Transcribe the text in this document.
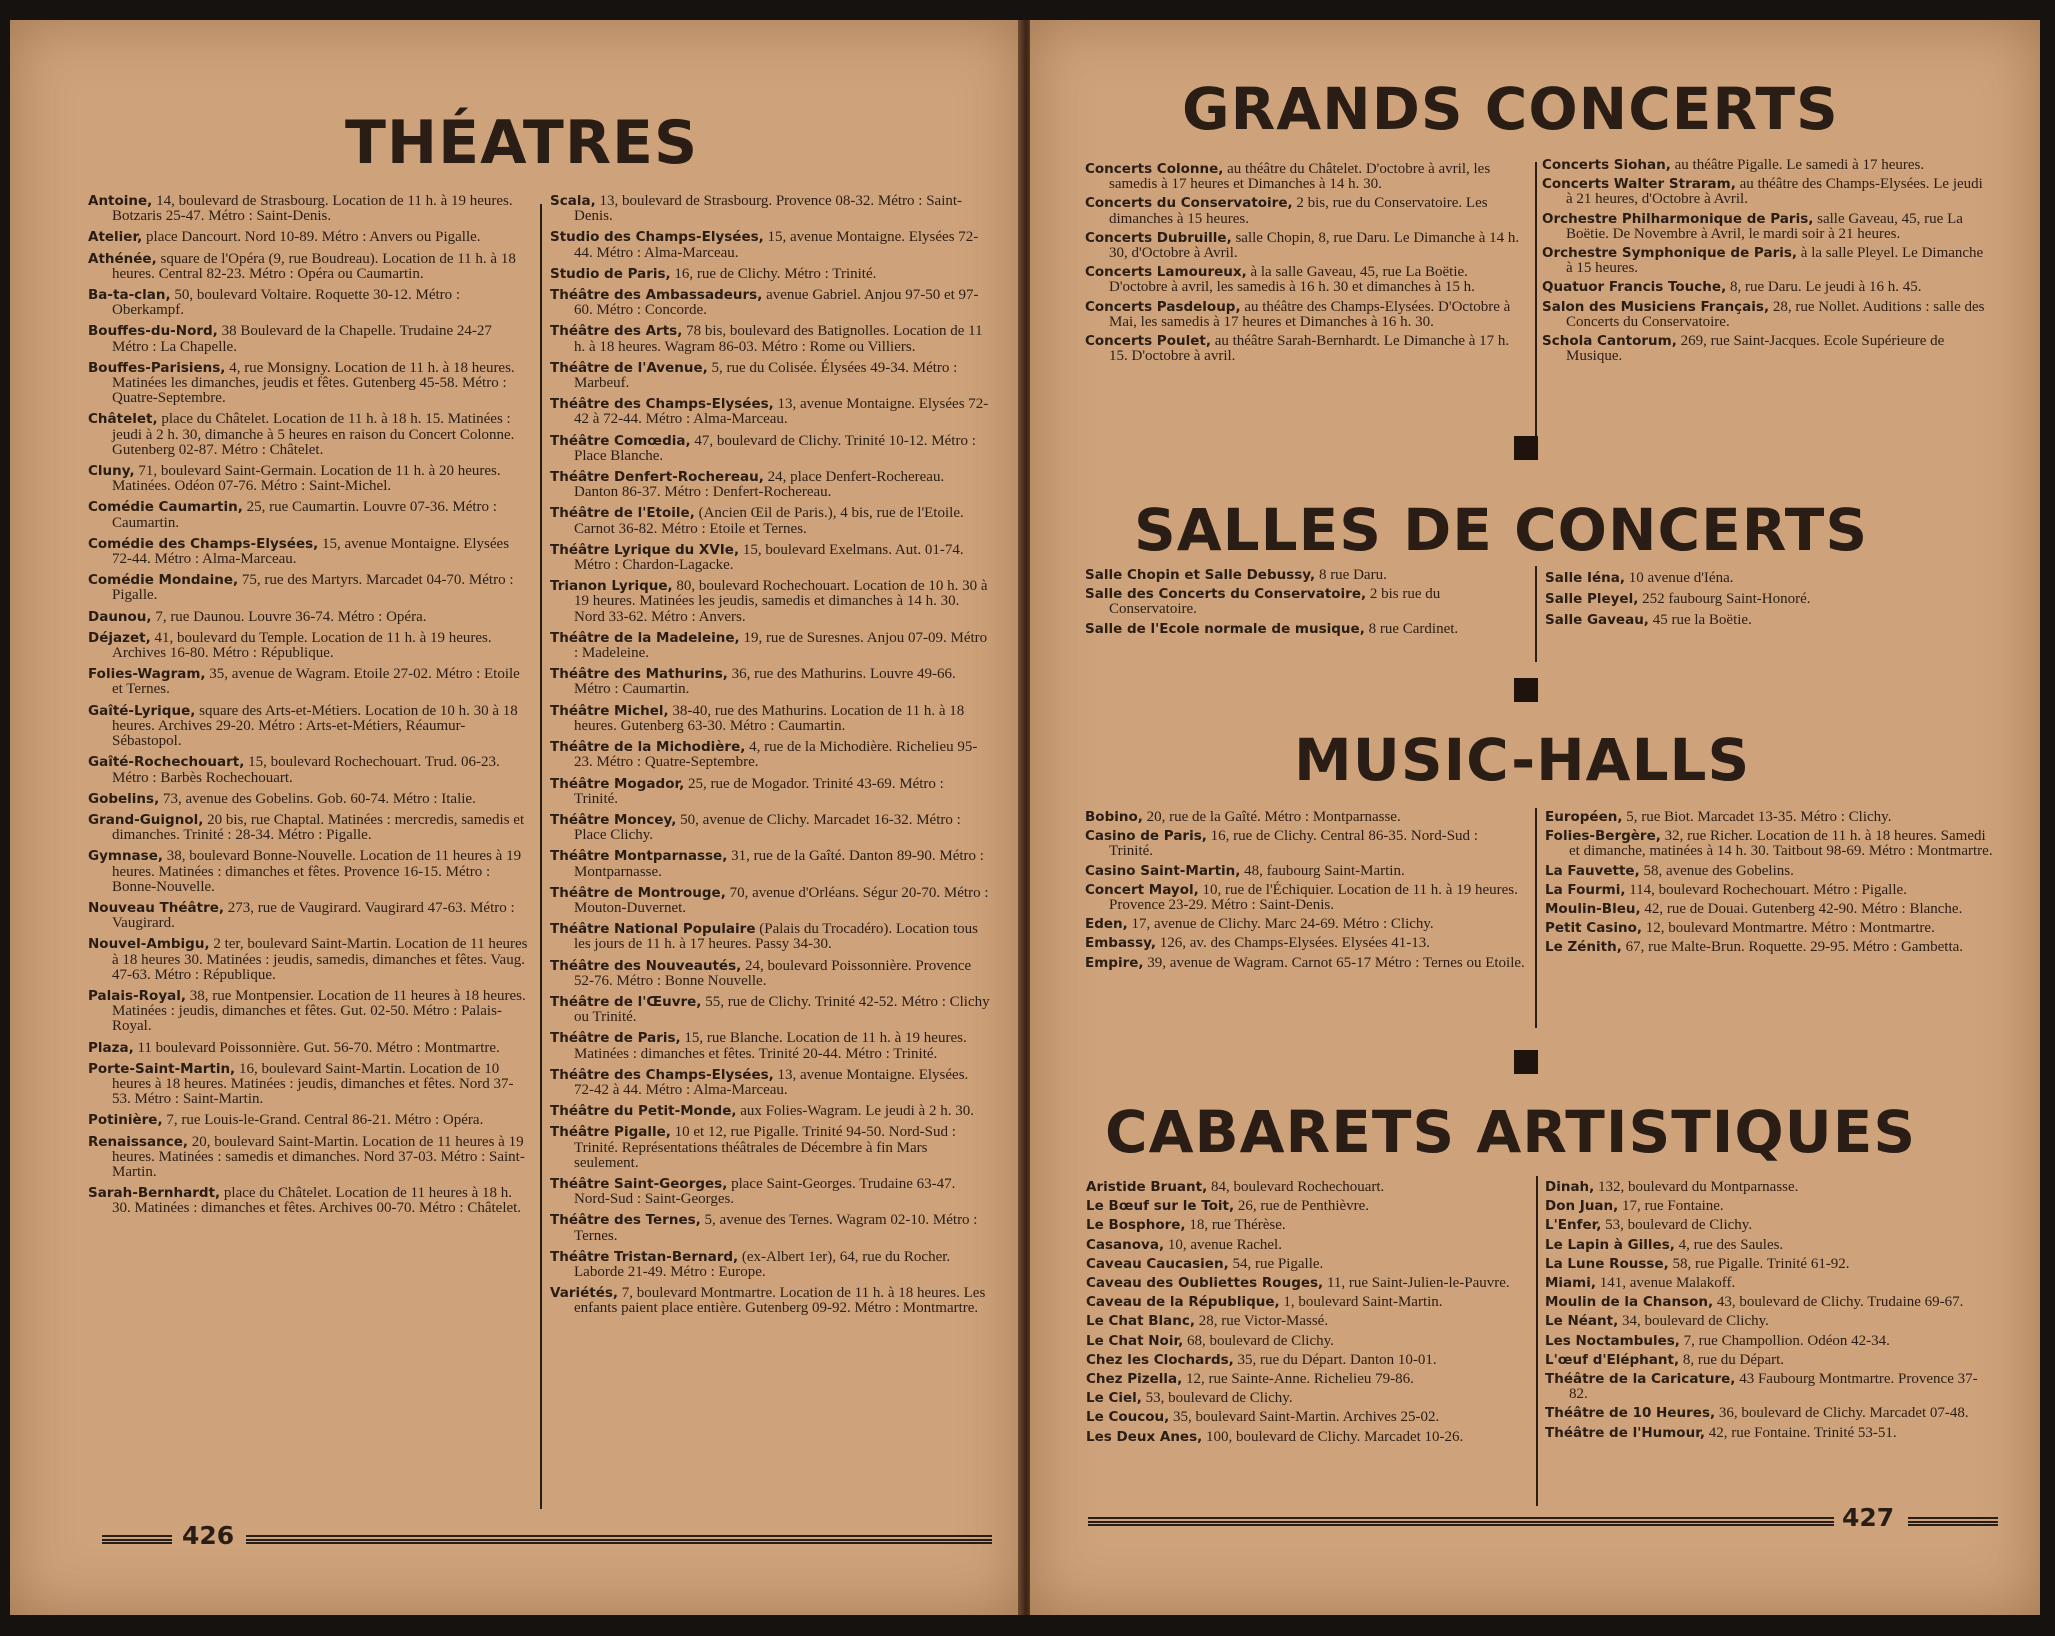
THÉATRES

Antoine, 14, boulevard de Strasbourg. Location de 11 h. à 19 heures. Botzaris 25-47. Métro : Saint-Denis.

Atelier, place Dancourt. Nord 10-89. Métro : Anvers ou Pigalle.

Athénée, square de l'Opéra (9, rue Boudreau). Location de 11 h. à 18 heures. Central 82-23. Métro : Opéra ou Caumartin.

Ba-ta-clan, 50, boulevard Voltaire. Roquette 30-12. Métro : Oberkampf.

Bouffes-du-Nord, 38 Boulevard de la Chapelle. Trudaine 24-27 Métro : La Chapelle.

Bouffes-Parisiens, 4, rue Monsigny. Location de 11 h. à 18 heures. Matinées les dimanches, jeudis et fêtes. Gutenberg 45-58. Métro : Quatre-Septembre.

Châtelet, place du Châtelet. Location de 11 h. à 18 h. 15. Matinées : jeudi à 2 h. 30, dimanche à 5 heures en raison du Concert Colonne. Gutenberg 02-87. Métro : Châtelet.

Cluny, 71, boulevard Saint-Germain. Location de 11 h. à 20 heures. Matinées. Odéon 07-76. Métro : Saint-Michel.

Comédie Caumartin, 25, rue Caumartin. Louvre 07-36. Métro : Caumartin.

Comédie des Champs-Elysées, 15, avenue Montaigne. Elysées 72-44. Métro : Alma-Marceau.

Comédie Mondaine, 75, rue des Martyrs. Marcadet 04-70. Métro : Pigalle.

Daunou, 7, rue Daunou. Louvre 36-74. Métro : Opéra.

Déjazet, 41, boulevard du Temple. Location de 11 h. à 19 heures. Archives 16-80. Métro : République.

Folies-Wagram, 35, avenue de Wagram. Etoile 27-02. Métro : Etoile et Ternes.

Gaîté-Lyrique, square des Arts-et-Métiers. Location de 10 h. 30 à 18 heures. Archives 29-20. Métro : Arts-et-Métiers, Réaumur-Sébastopol.

Gaîté-Rochechouart, 15, boulevard Rochechouart. Trud. 06-23. Métro : Barbès Rochechouart.

Gobelins, 73, avenue des Gobelins. Gob. 60-74. Métro : Italie.

Grand-Guignol, 20 bis, rue Chaptal. Matinées : mercredis, samedis et dimanches. Trinité : 28-34. Métro : Pigalle.

Gymnase, 38, boulevard Bonne-Nouvelle. Location de 11 heures à 19 heures. Matinées : dimanches et fêtes. Provence 16-15. Métro : Bonne-Nouvelle.

Nouveau Théâtre, 273, rue de Vaugirard. Vaugirard 47-63. Métro : Vaugirard.

Nouvel-Ambigu, 2 ter, boulevard Saint-Martin. Location de 11 heures à 18 heures 30. Matinées : jeudis, samedis, dimanches et fêtes. Vaug. 47-63. Métro : République.

Palais-Royal, 38, rue Montpensier. Location de 11 heures à 18 heures. Matinées : jeudis, dimanches et fêtes. Gut. 02-50. Métro : Palais-Royal.

Plaza, 11 boulevard Poissonnière. Gut. 56-70. Métro : Montmartre.

Porte-Saint-Martin, 16, boulevard Saint-Martin. Location de 10 heures à 18 heures. Matinées : jeudis, dimanches et fêtes. Nord 37-53. Métro : Saint-Martin.

Potinière, 7, rue Louis-le-Grand. Central 86-21. Métro : Opéra.

Renaissance, 20, boulevard Saint-Martin. Location de 11 heures à 19 heures. Matinées : samedis et dimanches. Nord 37-03. Métro : Saint-Martin.

Sarah-Bernhardt, place du Châtelet. Location de 11 heures à 18 h. 30. Matinées : dimanches et fêtes. Archives 00-70. Métro : Châtelet.

Scala, 13, boulevard de Strasbourg. Provence 08-32. Métro : Saint-Denis.

Studio des Champs-Elysées, 15, avenue Montaigne. Elysées 72-44. Métro : Alma-Marceau.

Studio de Paris, 16, rue de Clichy. Métro : Trinité.

Théâtre des Ambassadeurs, avenue Gabriel. Anjou 97-50 et 97-60. Métro : Concorde.

Théâtre des Arts, 78 bis, boulevard des Batignolles. Location de 11 h. à 18 heures. Wagram 86-03. Métro : Rome ou Villiers.

Théâtre de l'Avenue, 5, rue du Colisée. Élysées 49-34. Métro : Marbeuf.

Théâtre des Champs-Elysées, 13, avenue Montaigne. Elysées 72-42 à 72-44. Métro : Alma-Marceau.

Théâtre Comœdia, 47, boulevard de Clichy. Trinité 10-12. Métro : Place Blanche.

Théâtre Denfert-Rochereau, 24, place Denfert-Rochereau. Danton 86-37. Métro : Denfert-Rochereau.

Théâtre de l'Etoile, (Ancien Œil de Paris.), 4 bis, rue de l'Etoile. Carnot 36-82. Métro : Etoile et Ternes.

Théâtre Lyrique du XVIe, 15, boulevard Exelmans. Aut. 01-74. Métro : Chardon-Lagacke.

Trianon Lyrique, 80, boulevard Rochechouart. Location de 10 h. 30 à 19 heures. Matinées les jeudis, samedis et dimanches à 14 h. 30. Nord 33-62. Métro : Anvers.

Théâtre de la Madeleine, 19, rue de Suresnes. Anjou 07-09. Métro : Madeleine.

Théâtre des Mathurins, 36, rue des Mathurins. Louvre 49-66. Métro : Caumartin.

Théâtre Michel, 38-40, rue des Mathurins. Location de 11 h. à 18 heures. Gutenberg 63-30. Métro : Caumartin.

Théâtre de la Michodière, 4, rue de la Michodière. Richelieu 95-23. Métro : Quatre-Septembre.

Théâtre Mogador, 25, rue de Mogador. Trinité 43-69. Métro : Trinité.

Théâtre Moncey, 50, avenue de Clichy. Marcadet 16-32. Métro : Place Clichy.

Théâtre Montparnasse, 31, rue de la Gaîté. Danton 89-90. Métro : Montparnasse.

Théâtre de Montrouge, 70, avenue d'Orléans. Ségur 20-70. Métro : Mouton-Duvernet.

Théâtre National Populaire (Palais du Trocadéro). Location tous les jours de 11 h. à 17 heures. Passy 34-30.

Théâtre des Nouveautés, 24, boulevard Poissonnière. Provence 52-76. Métro : Bonne Nouvelle.

Théâtre de l'Œuvre, 55, rue de Clichy. Trinité 42-52. Métro : Clichy ou Trinité.

Théâtre de Paris, 15, rue Blanche. Location de 11 h. à 19 heures. Matinées : dimanches et fêtes. Trinité 20-44. Métro : Trinité.

Théâtre des Champs-Elysées, 13, avenue Montaigne. Elysées. 72-42 à 44. Métro : Alma-Marceau.

Théâtre du Petit-Monde, aux Folies-Wagram. Le jeudi à 2 h. 30.

Théâtre Pigalle, 10 et 12, rue Pigalle. Trinité 94-50. Nord-Sud : Trinité. Représentations théâtrales de Décembre à fin Mars seulement.

Théâtre Saint-Georges, place Saint-Georges. Trudaine 63-47. Nord-Sud : Saint-Georges.

Théâtre des Ternes, 5, avenue des Ternes. Wagram 02-10. Métro : Ternes.

Théâtre Tristan-Bernard, (ex-Albert 1er), 64, rue du Rocher. Laborde 21-49. Métro : Europe.

Variétés, 7, boulevard Montmartre. Location de 11 h. à 18 heures. Les enfants paient place entière. Gutenberg 09-92. Métro : Montmartre.

426
GRANDS CONCERTS

Concerts Colonne, au théâtre du Châtelet. D'octobre à avril, les samedis à 17 heures et Dimanches à 14 h. 30.

Concerts du Conservatoire, 2 bis, rue du Conservatoire. Les dimanches à 15 heures.

Concerts Dubruille, salle Chopin, 8, rue Daru. Le Dimanche à 14 h. 30, d'Octobre à Avril.

Concerts Lamoureux, à la salle Gaveau, 45, rue La Boëtie. D'octobre à avril, les samedis à 16 h. 30 et dimanches à 15 h.

Concerts Pasdeloup, au théâtre des Champs-Elysées. D'Octobre à Mai, les samedis à 17 heures et Dimanches à 16 h. 30.

Concerts Poulet, au théâtre Sarah-Bernhardt. Le Dimanche à 17 h. 15. D'octobre à avril.

Concerts Siohan, au théâtre Pigalle. Le samedi à 17 heures.

Concerts Walter Straram, au théâtre des Champs-Elysées. Le jeudi à 21 heures, d'Octobre à Avril.

Orchestre Philharmonique de Paris, salle Gaveau, 45, rue La Boëtie. De Novembre à Avril, le mardi soir à 21 heures.

Orchestre Symphonique de Paris, à la salle Pleyel. Le Dimanche à 15 heures.

Quatuor Francis Touche, 8, rue Daru. Le jeudi à 16 h. 45.

Salon des Musiciens Français, 28, rue Nollet. Auditions : salle des Concerts du Conservatoire.

Schola Cantorum, 269, rue Saint-Jacques. Ecole Supérieure de Musique.

SALLES DE CONCERTS

Salle Chopin et Salle Debussy, 8 rue Daru.

Salle des Concerts du Conservatoire, 2 bis rue du Conservatoire.

Salle de l'Ecole normale de musique, 8 rue Cardinet.

Salle Iéna, 10 avenue d'Iéna.

Salle Pleyel, 252 faubourg Saint-Honoré.

Salle Gaveau, 45 rue la Boëtie.

MUSIC-HALLS

Bobino, 20, rue de la Gaîté. Métro : Montparnasse.

Casino de Paris, 16, rue de Clichy. Central 86-35. Nord-Sud : Trinité.

Casino Saint-Martin, 48, faubourg Saint-Martin.

Concert Mayol, 10, rue de l'Échiquier. Location de 11 h. à 19 heures. Provence 23-29. Métro : Saint-Denis.

Eden, 17, avenue de Clichy. Marc 24-69. Métro : Clichy.

Embassy, 126, av. des Champs-Elysées. Elysées 41-13.

Empire, 39, avenue de Wagram. Carnot 65-17 Métro : Ternes ou Etoile.

Européen, 5, rue Biot. Marcadet 13-35. Métro : Clichy.

Folies-Bergère, 32, rue Richer. Location de 11 h. à 18 heures. Samedi et dimanche, matinées à 14 h. 30. Taitbout 98-69. Métro : Montmartre.

La Fauvette, 58, avenue des Gobelins.

La Fourmi, 114, boulevard Rochechouart. Métro : Pigalle.

Moulin-Bleu, 42, rue de Douai. Gutenberg 42-90. Métro : Blanche.

Petit Casino, 12, boulevard Montmartre. Métro : Montmartre.

Le Zénith, 67, rue Malte-Brun. Roquette. 29-95. Métro : Gambetta.

CABARETS ARTISTIQUES

Aristide Bruant, 84, boulevard Rochechouart.

Le Bœuf sur le Toit, 26, rue de Penthièvre.

Le Bosphore, 18, rue Thérèse.

Casanova, 10, avenue Rachel.

Caveau Caucasien, 54, rue Pigalle.

Caveau des Oubliettes Rouges, 11, rue Saint-Julien-le-Pauvre.

Caveau de la République, 1, boulevard Saint-Martin.

Le Chat Blanc, 28, rue Victor-Massé.

Le Chat Noir, 68, boulevard de Clichy.

Chez les Clochards, 35, rue du Départ. Danton 10-01.

Chez Pizella, 12, rue Sainte-Anne. Richelieu 79-86.

Le Ciel, 53, boulevard de Clichy.

Le Coucou, 35, boulevard Saint-Martin. Archives 25-02.

Les Deux Anes, 100, boulevard de Clichy. Marcadet 10-26.

Dinah, 132, boulevard du Montparnasse.

Don Juan, 17, rue Fontaine.

L'Enfer, 53, boulevard de Clichy.

Le Lapin à Gilles, 4, rue des Saules.

La Lune Rousse, 58, rue Pigalle. Trinité 61-92.

Miami, 141, avenue Malakoff.

Moulin de la Chanson, 43, boulevard de Clichy. Trudaine 69-67.

Le Néant, 34, boulevard de Clichy.

Les Noctambules, 7, rue Champollion. Odéon 42-34.

L'œuf d'Eléphant, 8, rue du Départ.

Théâtre de la Caricature, 43 Faubourg Montmartre. Provence 37-82.

Théâtre de 10 Heures, 36, boulevard de Clichy. Marcadet 07-48.

Théâtre de l'Humour, 42, rue Fontaine. Trinité 53-51.

427
